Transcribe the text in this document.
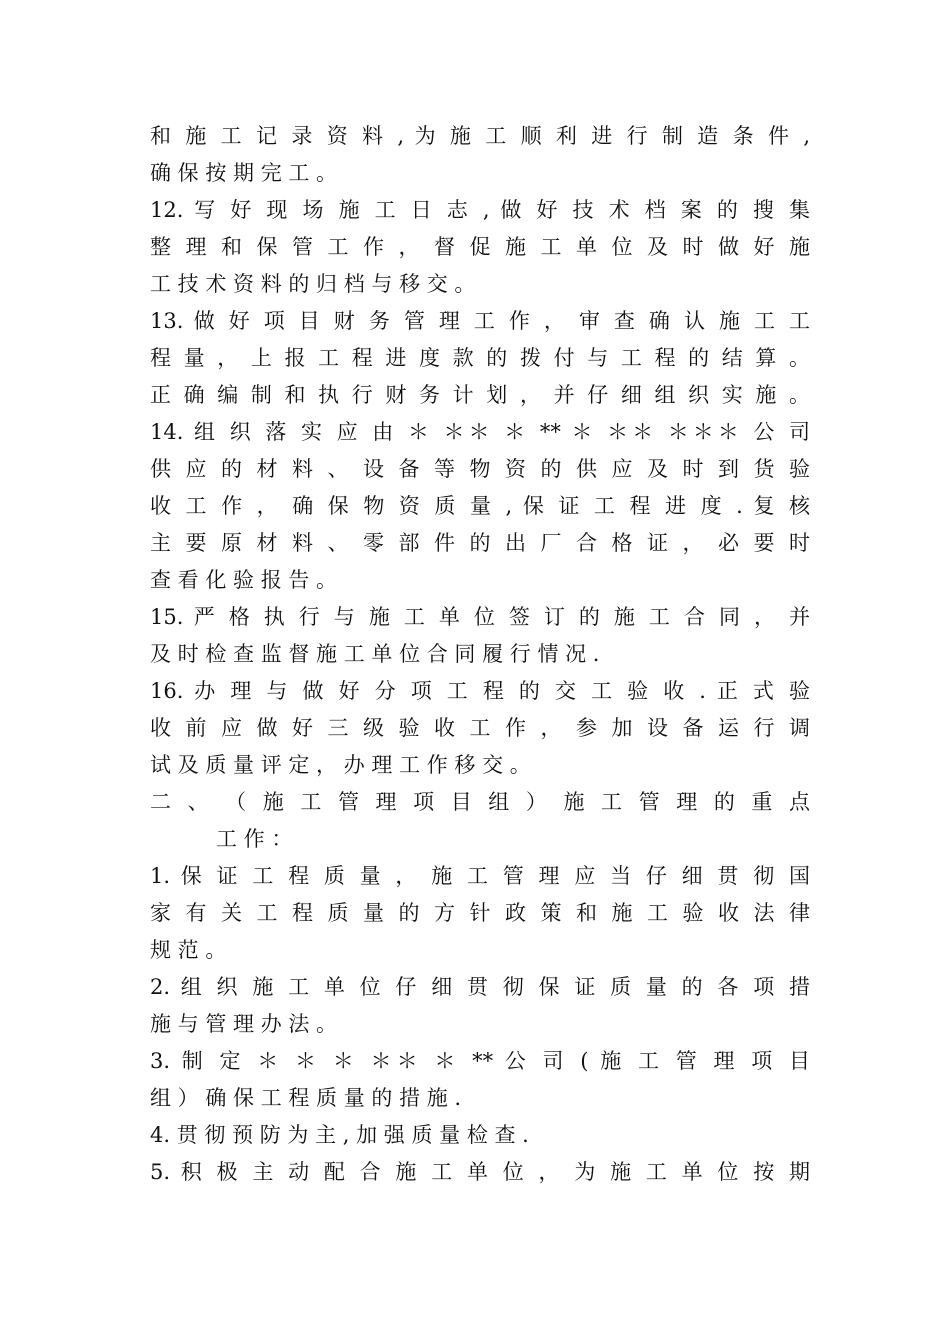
和 施 工 记 录 资 料 , 为 施 工 顺 利 进 行 制 造 条 件 ,
确 保 按 期 完 工 。
12. 写 好 现 场 施 工 日 志 , 做 好 技 术 档 案 的 搜 集
整 理 和 保 管 工 作 ， 督 促 施 工 单 位 及 时 做 好 施
工 技 术 资 料 的 归 档 与 移 交 。
13. 做 好 项 目 财 务 管 理 工 作 ， 审 查 确 认 施 工 工
程 量 ， 上 报 工 程 进 度 款 的 拨 付 与 工 程 的 结 算 。
正 确 编 制 和 执 行 财 务 计 划 ， 并 仔 细 组 织 实 施 。
14. 组 织 落 实 应 由 ＊ ＊＊ ＊ ** ＊ ＊＊ ＊＊＊ 公 司
供 应 的 材 料 、 设 备 等 物 资 的 供 应 及 时 到 货 验
收 工 作 ， 确 保 物 资 质 量 , 保 证 工 程 进 度 . 复 核
主 要 原 材 料 、 零 部 件 的 出 厂 合 格 证 ， 必 要 时
查 看 化 验 报 告 。
15. 严 格 执 行 与 施 工 单 位 签 订 的 施 工 合 同 ， 并
及 时 检 查 监 督 施 工 单 位 合 同 履 行 情 况 .
16. 办 理 与 做 好 分 项 工 程 的 交 工 验 收 . 正 式 验
收 前 应 做 好 三 级 验 收 工 作 ， 参 加 设 备 运 行 调
试 及 质 量 评 定 ， 办 理 工 作 移 交 。
二 、 （ 施 工 管 理 项 目 组 ） 施 工 管 理 的 重 点
工 作 ：
1. 保 证 工 程 质 量 ， 施 工 管 理 应 当 仔 细 贯 彻 国
家 有 关 工 程 质 量 的 方 针 政 策 和 施 工 验 收 法 律
规 范 。
2. 组 织 施 工 单 位 仔 细 贯 彻 保 证 质 量 的 各 项 措
施 与 管 理 办 法 。
3. 制 定 ＊ ＊ ＊ ＊＊ ＊ ** 公 司 ( 施 工 管 理 项 目
组 ） 确 保 工 程 质 量 的 措 施 .
4. 贯 彻 预 防 为 主 , 加 强 质 量 检 查 .
5. 积 极 主 动 配 合 施 工 单 位 ， 为 施 工 单 位 按 期
